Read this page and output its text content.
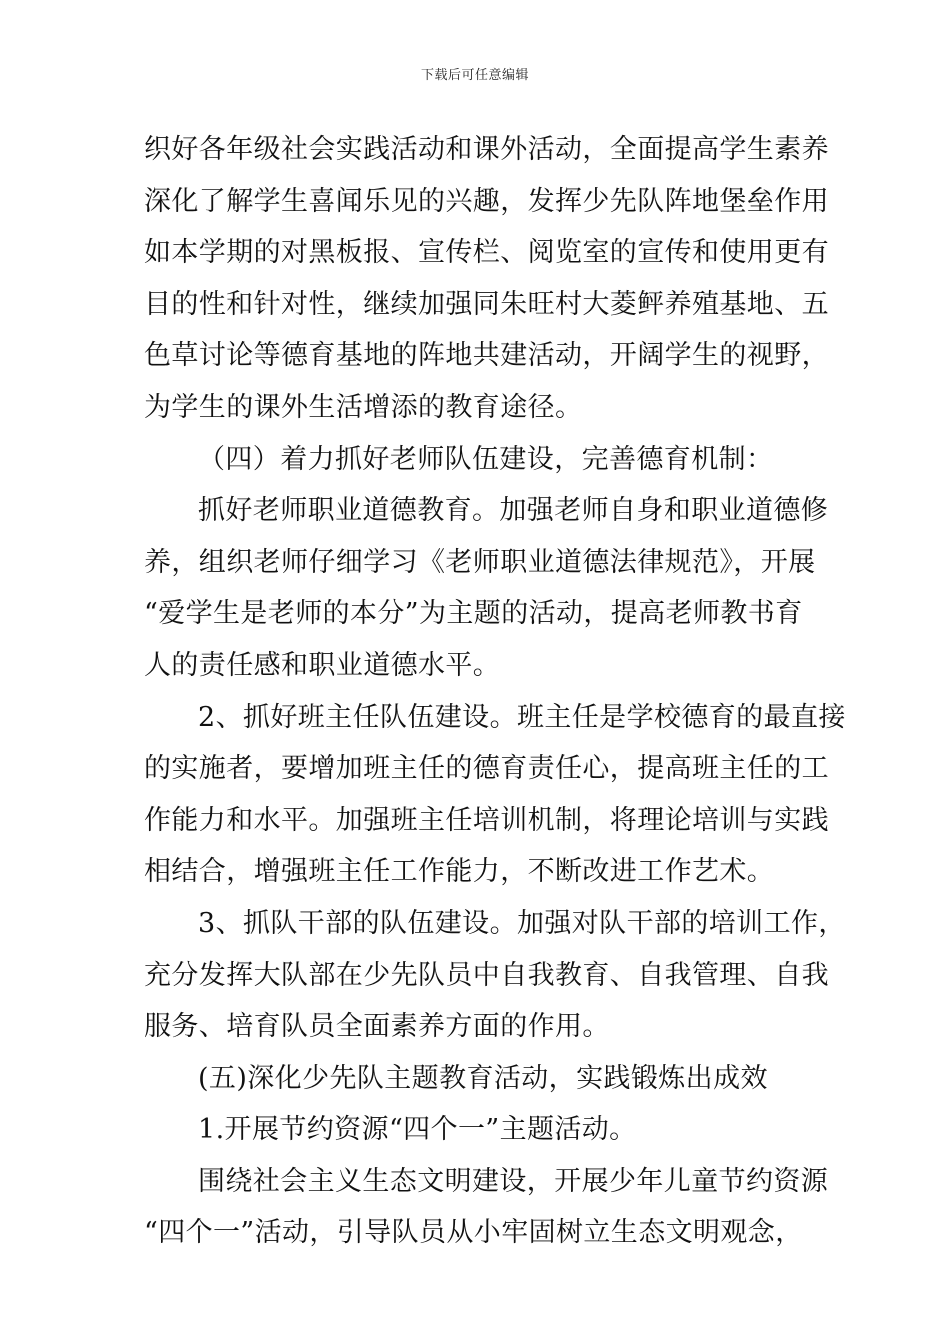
下载后可任意编辑
织好各年级社会实践活动和课外活动，全面提高学生素养
深化了解学生喜闻乐见的兴趣，发挥少先队阵地堡垒作用
如本学期的对黑板报、宣传栏、阅览室的宣传和使用更有
目的性和针对性，继续加强同朱旺村大菱鲆养殖基地、五
色草讨论等德育基地的阵地共建活动，开阔学生的视野，
为学生的课外生活增添的教育途径。
（四）着力抓好老师队伍建设，完善德育机制：
抓好老师职业道德教育。加强老师自身和职业道德修
养，组织老师仔细学习《老师职业道德法律规范》，开展
“爱学生是老师的本分”为主题的活动，提高老师教书育
人的责任感和职业道德水平。
2、抓好班主任队伍建设。班主任是学校德育的最直接
的实施者，要增加班主任的德育责任心，提高班主任的工
作能力和水平。加强班主任培训机制，将理论培训与实践
相结合，增强班主任工作能力，不断改进工作艺术。
3、抓队干部的队伍建设。加强对队干部的培训工作，
充分发挥大队部在少先队员中自我教育、自我管理、自我
服务、培育队员全面素养方面的作用。
(五)深化少先队主题教育活动，实践锻炼出成效
1.开展节约资源“四个一”主题活动。
围绕社会主义生态文明建设，开展少年儿童节约资源
“四个一”活动，引导队员从小牢固树立生态文明观念，
